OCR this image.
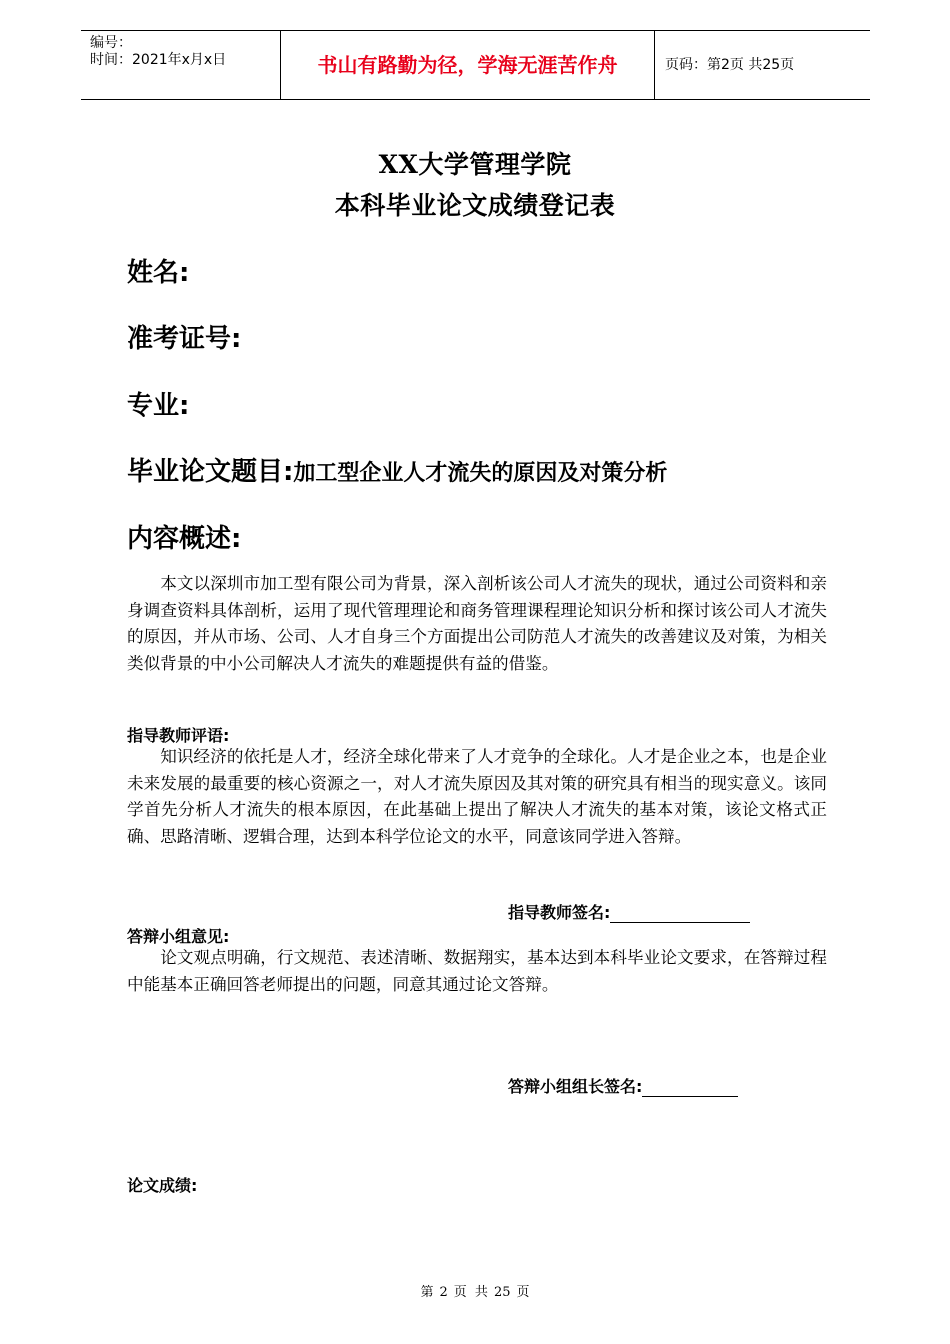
编号：
时间：2021年x月x日	书山有路勤为径，学海无涯苦作舟	页码：第2页 共25页
XX大学管理学院
本科毕业论文成绩登记表
姓名:
准考证号:
专业:
毕业论文题目:加工型企业人才流失的原因及对策分析
内容概述:

本文以深圳市加工型有限公司为背景，深入剖析该公司人才流失的现状，通过公司资料和亲身调查资料具体剖析，运用了现代管理理论和商务管理课程理论知识分析和探讨该公司人才流失的原因，并从市场、公司、人才自身三个方面提出公司防范人才流失的改善建议及对策，为相关类似背景的中小公司解决人才流失的难题提供有益的借鉴。

指导教师评语:

知识经济的依托是人才，经济全球化带来了人才竞争的全球化。人才是企业之本，也是企业未来发展的最重要的核心资源之一，对人才流失原因及其对策的研究具有相当的现实意义。该同学首先分析人才流失的根本原因，在此基础上提出了解决人才流失的基本对策，该论文格式正确、思路清晰、逻辑合理，达到本科学位论文的水平，同意该同学进入答辩。

指导教师签名:
答辩小组意见:

论文观点明确，行文规范、表述清晰、数据翔实，基本达到本科毕业论文要求，在答辩过程中能基本正确回答老师提出的问题，同意其通过论文答辩。

答辩小组组长签名:
论文成绩:
第 2 页 共 25 页
